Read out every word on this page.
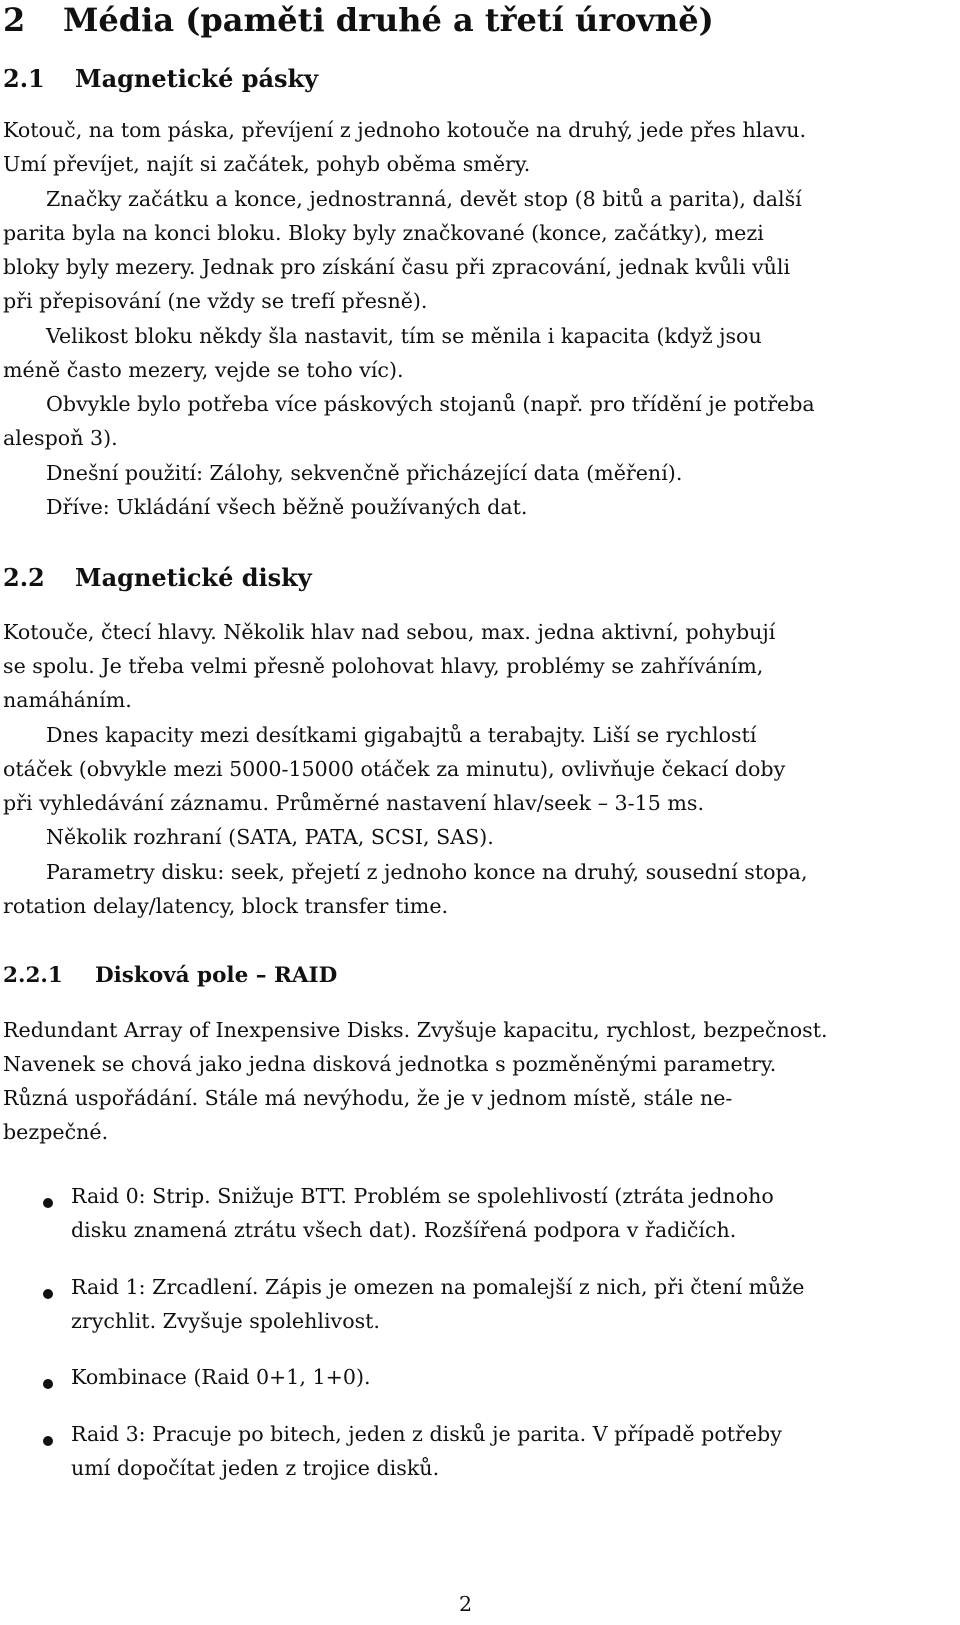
2 Média (paměti druhé a třetí úrovně)
2.1 Magnetické pásky
Kotouč, na tom páska, převíjení z jednoho kotouče na druhý, jede přes hlavu.
Umí převíjet, najít si začátek, pohyb oběma směry.
Značky začátku a konce, jednostranná, devět stop (8 bitů a parita), další
parita byla na konci bloku. Bloky byly značkované (konce, začátky), mezi
bloky byly mezery. Jednak pro získání času při zpracování, jednak kvůli vůli
při přepisování (ne vždy se trefí přesně).
Velikost bloku někdy šla nastavit, tím se měnila i kapacita (když jsou
méně často mezery, vejde se toho víc).
Obvykle bylo potřeba více páskových stojanů (např. pro třídění je potřeba
alespoň 3).
Dnešní použití: Zálohy, sekvenčně přicházející data (měření).
Dříve: Ukládání všech běžně používaných dat.
2.2 Magnetické disky
Kotouče, čtecí hlavy. Několik hlav nad sebou, max. jedna aktivní, pohybují
se spolu. Je třeba velmi přesně polohovat hlavy, problémy se zahříváním,
namáháním.
Dnes kapacity mezi desítkami gigabajtů a terabajty. Liší se rychlostí
otáček (obvykle mezi 5000-15000 otáček za minutu), ovlivňuje čekací doby
při vyhledávání záznamu. Průměrné nastavení hlav/seek – 3-15 ms.
Několik rozhraní (SATA, PATA, SCSI, SAS).
Parametry disku: seek, přejetí z jednoho konce na druhý, sousední stopa,
rotation delay/latency, block transfer time.
2.2.1 Disková pole – RAID
Redundant Array of Inexpensive Disks. Zvyšuje kapacitu, rychlost, bezpečnost.
Navenek se chová jako jedna disková jednotka s pozměněnými parametry.
Různá uspořádání. Stále má nevýhodu, že je v jednom místě, stále ne-
bezpečné.
Raid 0: Strip. Snižuje BTT. Problém se spolehlivostí (ztráta jednoho
disku znamená ztrátu všech dat). Rozšířená podpora v řadičích.
Raid 1: Zrcadlení. Zápis je omezen na pomalejší z nich, při čtení může
zrychlit. Zvyšuje spolehlivost.
Kombinace (Raid 0+1, 1+0).
Raid 3: Pracuje po bitech, jeden z disků je parita. V případě potřeby
umí dopočítat jeden z trojice disků.
2
